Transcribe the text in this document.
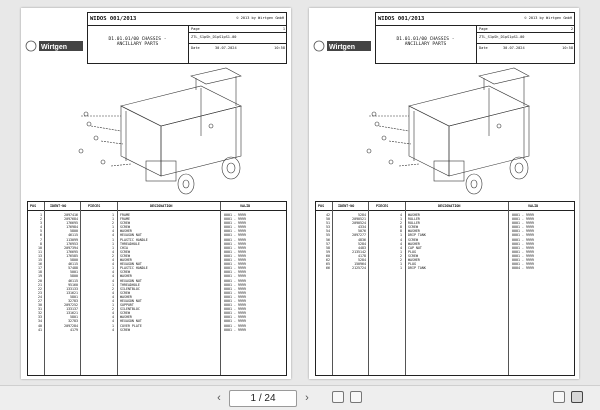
Wirtgen
WIDOS 001/2013	© 2013 by Wirtgen GmbH
D1.01.01/00 CHASSIS -
ANCILLARY PARTS
Page	1
ZTL_S1pSh_D1pS1pS1-00
Date	30.07.2024	10:58
POS	IDENT-NO	PIECES	DESIGNATION	VALID
1	2097416	1 FRAME	0001 - 9999
2	2097684	1 FRAME	0001 - 9999
3	176695	2 SCREW	0001 - 9999
4	176984	1 SCREW	0001 - 9999
5	5800	4 WASHER	0001 - 9999
6	46115	4 HEXAGON NUT	0001 - 9999
7	113099	1 PLASTIC HANDLE	0001 - 9999
8	176953	1 THREADHOLE	0001 - 9999
10	2097394	1 CHIA	0001 - 9999
11	176695	4 SCREW	0001 - 9999
13	176585	2 SCREW	0001 - 9999
15	5800	4 WASHER	0001 - 9999
16	46115	4 HEXAGON NUT	0001 - 9999
17	57488	1 PLASTIC HANDLE	0001 - 9999
18	5001	4 SCREW	0001 - 9999
19	5800	4 WASHER	0001 - 9999
20	46115	4 HEXAGON NUT	0001 - 9999
21	95160	1 THREADHOLE	0001 - 9999
22	133133	2 SILENTBLOC	0001 - 9999
23	131621	4 SCREW	0001 - 9999
24	5801	4 WASHER	0001 - 9999
27	32783	4 HEXAGON NUT	0001 - 9999
30	2097252	1 SUPPORT	0001 - 9999
31	133137	2 SILENTBLOC	0001 - 9999
32	131621	4 SCREW	0001 - 9999
33	5801	4 WASHER	0001 - 9999
34	32783	4 HEXAGON NUT	0001 - 9999
40	2097284	1 COVER PLATE	0001 - 9999
41	4179	4 SCREW	0001 - 9999
Wirtgen
WIDOS 001/2013	© 2013 by Wirtgen GmbH
D1.01.01/00 CHASSIS -
ANCILLARY PARTS
Page	2
ZTL_S1pSh_D1pS1pS1-00
Date	30.07.2024	10:58
POS	IDENT-NO	PIECES	DESIGNATION	VALID
42	5284	4 WASHER	0001 - 9999
50	2090521	1 ROLLER	0001 - 9999
51	2090524	2 ROLLER	0001 - 9999
53	4334	8 SCREW	0001 - 9999
54	5076	8 WASHER	0001 - 9999
55	2097277	1 DRIP TANK	0001 - 9999
56	4836	4 SCREW	0001 - 9999
57	5284	4 WASHER	0001 - 9999
58	4483	4 CAP NUT	0001 - 9999
59	2135142	1 PLUG	0001 - 9999
60	4178	2 SCREW	0001 - 9999
62	5284	2 WASHER	0001 - 9999
65	150964	1 PLUG	0001 - 9999
66	2125724	1 DRIP TANK	0004 - 9999
‹	1 / 24	›
